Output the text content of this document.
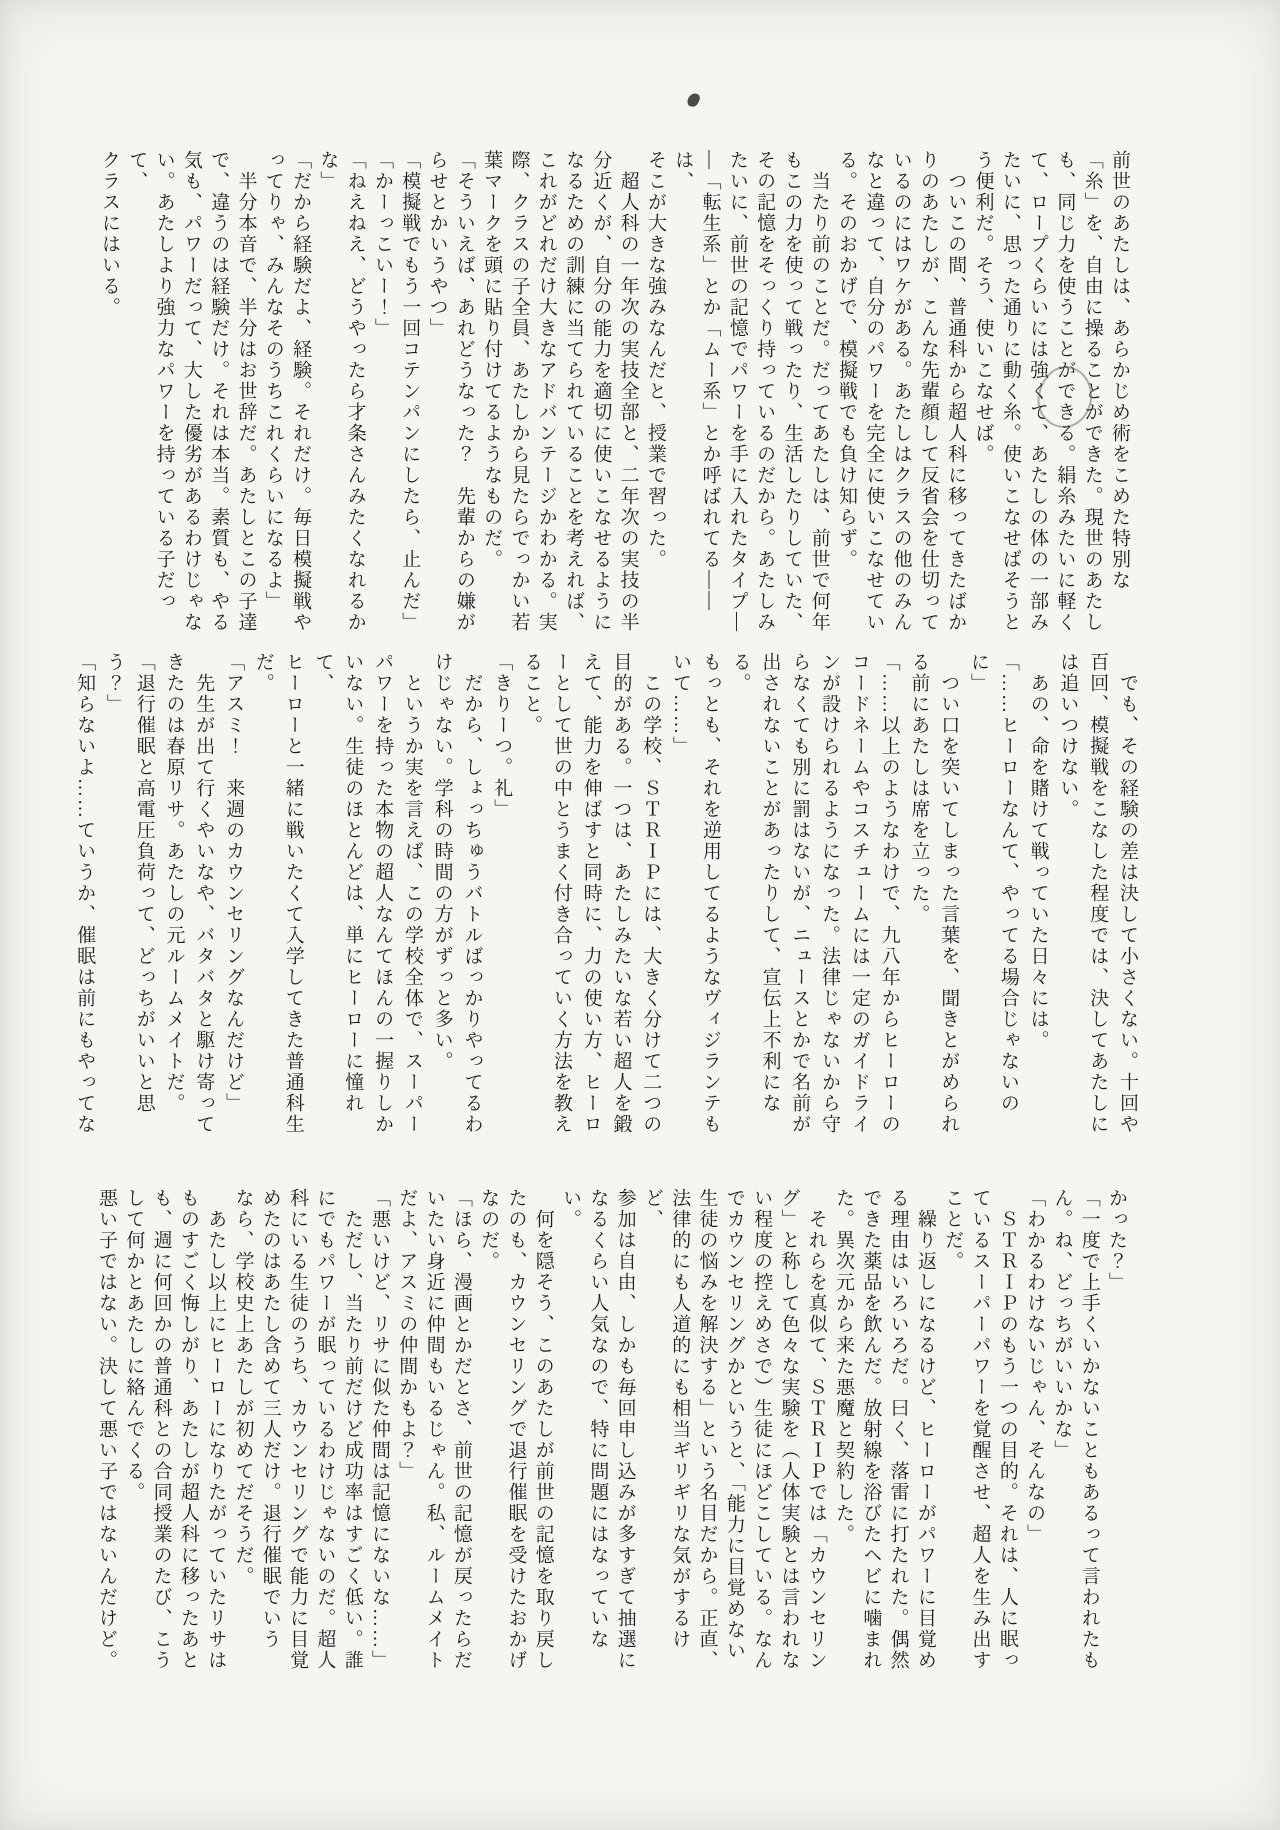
前世のあたしは、あらかじめ術をこめた特別な

「糸」を、自由に操ることができた。現世のあたし

も、同じ力を使うことができる。絹糸みたいに軽く

て、ロープくらいには強くて、あたしの体の一部み

たいに、思った通りに動く糸。使いこなせばそうと

う便利だ。そう、使いこなせば。

ついこの間、普通科から超人科に移ってきたばか

りのあたしが、こんな先輩顔して反省会を仕切って

いるのにはワケがある。あたしはクラスの他のみん

なと違って、自分のパワーを完全に使いこなせてい

る。そのおかげで、模擬戦でも負け知らず。

当たり前のことだ。だってあたしは、前世で何年

もこの力を使って戦ったり、生活したりしていた、

その記憶をそっくり持っているのだから。あたしみ

たいに、前世の記憶でパワーを手に入れたタイプ—

—「転生系」とか「ムー系」とか呼ばれてる——は、

そこが大きな強みなんだと、授業で習った。

超人科の一年次の実技全部と、二年次の実技の半

分近くが、自分の能力を適切に使いこなせるように

なるための訓練に当てられていることを考えれば、

これがどれだけ大きなアドバンテージかわかる。実

際、クラスの子全員、あたしから見たらでっかい若

葉マークを頭に貼り付けてるようなものだ。

「そういえば、あれどうなった？　先輩からの嫌が

らせとかいうやつ」

「模擬戦でもう一回コテンパンにしたら、止んだ」

「かーっこいー！」

「ねえねえ、どうやったら才条さんみたくなれるか

な」

「だから経験だよ、経験。それだけ。毎日模擬戦や

ってりゃ、みんなそのうちこれくらいになるよ」

半分本音で、半分はお世辞だ。あたしとこの子達

で、違うのは経験だけ。それは本当。素質も、やる

気も、パワーだって、大した優劣があるわけじゃな

い。あたしより強力なパワーを持っている子だって、

クラスにはいる。

でも、その経験の差は決して小さくない。十回や

百回、模擬戦をこなした程度では、決してあたしに

は追いつけない。

あの、命を賭けて戦っていた日々には。

「……ヒーローなんて、やってる場合じゃないのに」

つい口を突いてしまった言葉を、聞きとがめられ

る前にあたしは席を立った。

「……以上のようなわけで、九八年からヒーローの

コードネームやコスチュームには一定のガイドライ

ンが設けられるようになった。法律じゃないから守

らなくても別に罰はないが、ニュースとかで名前が

出されないことがあったりして、宣伝上不利になる。

もっとも、それを逆用してるようなヴィジランテも

いて……」

この学校、ＳＴＲＩＰには、大きく分けて二つの

目的がある。一つは、あたしみたいな若い超人を鍛

えて、能力を伸ばすと同時に、力の使い方、ヒーロ

ーとして世の中とうまく付き合っていく方法を教え

ること。

「きりーつ。礼」

だから、しょっちゅうバトルばっかりやってるわ

けじゃない。学科の時間の方がずっと多い。

というか実を言えば、この学校全体で、スーパー

パワーを持った本物の超人なんてほんの一握りしか

いない。生徒のほとんどは、単にヒーローに憧れて、

ヒーローと一緒に戦いたくて入学してきた普通科生

だ。

「アスミ！　来週のカウンセリングなんだけど」

先生が出て行くやいなや、バタバタと駆け寄って

きたのは春原リサ。あたしの元ルームメイトだ。

「退行催眠と高電圧負荷って、どっちがいいと思

う？」

「知らないよ……ていうか、催眠は前にもやってな

かった？」

「一度で上手くいかないこともあるって言われたも

ん。ね、どっちがいいかな」

「わかるわけないじゃん、そんなの」

ＳＴＲＩＰのもう一つの目的。それは、人に眠っ

ているスーパーパワーを覚醒させ、超人を生み出す

ことだ。

繰り返しになるけど、ヒーローがパワーに目覚め

る理由はいろいろだ。曰く、落雷に打たれた。偶然

できた薬品を飲んだ。放射線を浴びたヘビに噛まれ

た。異次元から来た悪魔と契約した。

それらを真似て、ＳＴＲＩＰでは「カウンセリン

グ」と称して色々な実験を（人体実験とは言われな

い程度の控えめさで）生徒にほどこしている。なん

でカウンセリングかというと、「能力に目覚めない

生徒の悩みを解決する」という名目だから。正直、

法律的にも人道的にも相当ギリギリな気がするけど、

参加は自由、しかも毎回申し込みが多すぎて抽選に

なるくらい人気なので、特に問題にはなっていない。

何を隠そう、このあたしが前世の記憶を取り戻し

たのも、カウンセリングで退行催眠を受けたおかげ

なのだ。

「ほら、漫画とかだとさ、前世の記憶が戻ったらだ

いたい身近に仲間もいるじゃん。私、ルームメイト

だよ、アスミの仲間かもよ？」

「悪いけど、リサに似た仲間は記憶にないな……」

ただし、当たり前だけど成功率はすごく低い。誰

にでもパワーが眠っているわけじゃないのだ。超人

科にいる生徒のうち、カウンセリングで能力に目覚

めたのはあたし含めて三人だけ。退行催眠でいう

なら、学校史上あたしが初めてだそうだ。

あたし以上にヒーローになりたがっていたリサは

ものすごく悔しがり、あたしが超人科に移ったあと

も、週に何回かの普通科との合同授業のたび、こう

して何かとあたしに絡んでくる。

悪い子ではない。決して悪い子ではないんだけど。
